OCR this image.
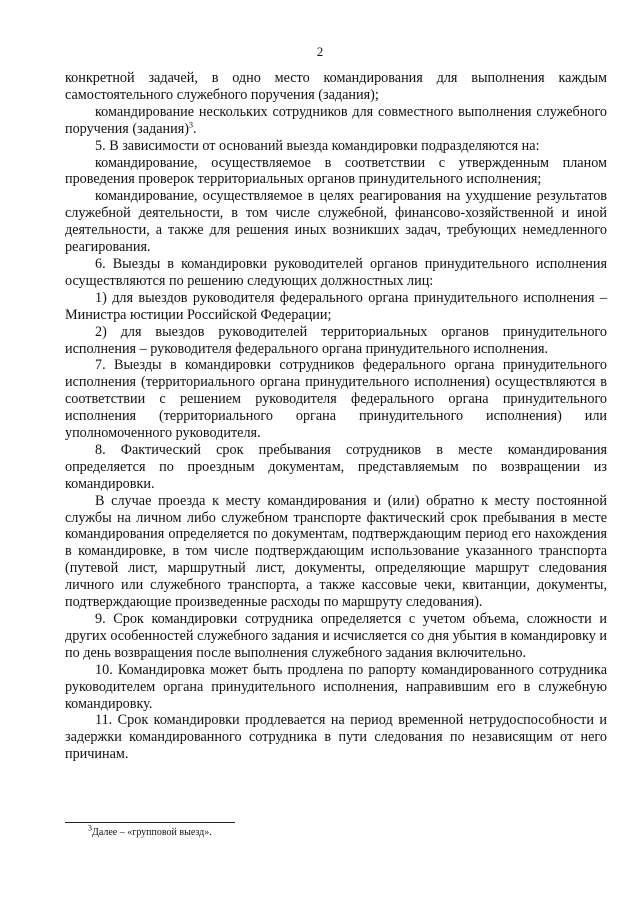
2

конкретной задачей, в одно место командирования для выполнения каждым самостоятельного служебного поручения (задания);

командирование нескольких сотрудников для совместного выполнения служебного поручения (задания)$^3$.

5. В зависимости от оснований выезда командировки подразделяются на:

командирование, осуществляемое в соответствии с утвержденным планом проведения проверок территориальных органов принудительного исполнения;

командирование, осуществляемое в целях реагирования на ухудшение результатов служебной деятельности, в том числе служебной, финансово-хозяйственной и иной деятельности, а также для решения иных возникших задач, требующих немедленного реагирования.

6. Выезды в командировки руководителей органов принудительного исполнения осуществляются по решению следующих должностных лиц:

1) для выездов руководителя федерального органа принудительного исполнения – Министра юстиции Российской Федерации;

2) для выездов руководителей территориальных органов принудительного исполнения – руководителя федерального органа принудительного исполнения.

7. Выезды в командировки сотрудников федерального органа принудительного исполнения (территориального органа принудительного исполнения) осуществляются в соответствии с решением руководителя федерального органа принудительного исполнения (территориального органа принудительного исполнения) или уполномоченного руководителя.

8. Фактический срок пребывания сотрудников в месте командирования определяется по проездным документам, представляемым по возвращении из командировки.

В случае проезда к месту командирования и (или) обратно к месту постоянной службы на личном либо служебном транспорте фактический срок пребывания в месте командирования определяется по документам, подтверждающим период его нахождения в командировке, в том числе подтверждающим использование указанного транспорта (путевой лист, маршрутный лист, документы, определяющие маршрут следования личного или служебного транспорта, а также кассовые чеки, квитанции, документы, подтверждающие произведенные расходы по маршруту следования).

9. Срок командировки сотрудника определяется с учетом объема, сложности и других особенностей служебного задания и исчисляется со дня убытия в командировку и по день возвращения после выполнения служебного задания включительно.

10. Командировка может быть продлена по рапорту командированного сотрудника руководителем органа принудительного исполнения, направившим его в служебную командировку.

11. Срок командировки продлевается на период временной нетрудоспособности и задержки командированного сотрудника в пути следования по независящим от него причинам.

$^3$Далее – «групповой выезд».
